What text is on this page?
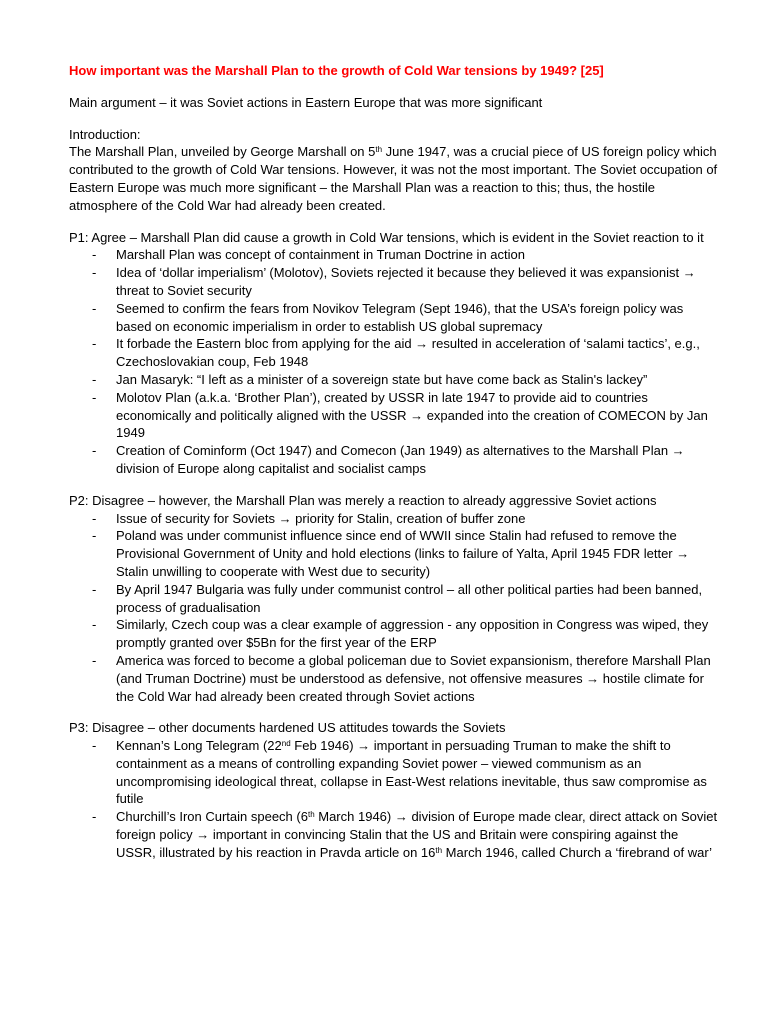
How important was the Marshall Plan to the growth of Cold War tensions by 1949? [25]
Main argument – it was Soviet actions in Eastern Europe that was more significant
Introduction:
The Marshall Plan, unveiled by George Marshall on 5th June 1947, was a crucial piece of US foreign policy which contributed to the growth of Cold War tensions. However, it was not the most important. The Soviet occupation of Eastern Europe was much more significant – the Marshall Plan was a reaction to this; thus, the hostile atmosphere of the Cold War had already been created.
P1: Agree – Marshall Plan did cause a growth in Cold War tensions, which is evident in the Soviet reaction to it
- Marshall Plan was concept of containment in Truman Doctrine in action
- Idea of ‘dollar imperialism’ (Molotov), Soviets rejected it because they believed it was expansionist → threat to Soviet security
- Seemed to confirm the fears from Novikov Telegram (Sept 1946), that the USA’s foreign policy was based on economic imperialism in order to establish US global supremacy
- It forbade the Eastern bloc from applying for the aid → resulted in acceleration of ‘salami tactics’, e.g., Czechoslovakian coup, Feb 1948
- Jan Masaryk: “I left as a minister of a sovereign state but have come back as Stalin's lackey”
- Molotov Plan (a.k.a. ‘Brother Plan’), created by USSR in late 1947 to provide aid to countries economically and politically aligned with the USSR → expanded into the creation of COMECON by Jan 1949
- Creation of Cominform (Oct 1947) and Comecon (Jan 1949) as alternatives to the Marshall Plan → division of Europe along capitalist and socialist camps
P2: Disagree – however, the Marshall Plan was merely a reaction to already aggressive Soviet actions
- Issue of security for Soviets → priority for Stalin, creation of buffer zone
- Poland was under communist influence since end of WWII since Stalin had refused to remove the Provisional Government of Unity and hold elections (links to failure of Yalta, April 1945 FDR letter → Stalin unwilling to cooperate with West due to security)
- By April 1947 Bulgaria was fully under communist control – all other political parties had been banned, process of gradualisation
- Similarly, Czech coup was a clear example of aggression - any opposition in Congress was wiped, they promptly granted over $5Bn for the first year of the ERP
- America was forced to become a global policeman due to Soviet expansionism, therefore Marshall Plan (and Truman Doctrine) must be understood as defensive, not offensive measures → hostile climate for the Cold War had already been created through Soviet actions
P3: Disagree – other documents hardened US attitudes towards the Soviets
- Kennan’s Long Telegram (22nd Feb 1946) → important in persuading Truman to make the shift to containment as a means of controlling expanding Soviet power – viewed communism as an uncompromising ideological threat, collapse in East-West relations inevitable, thus saw compromise as futile
- Churchill’s Iron Curtain speech (6th March 1946) → division of Europe made clear, direct attack on Soviet foreign policy → important in convincing Stalin that the US and Britain were conspiring against the USSR, illustrated by his reaction in Pravda article on 16th March 1946, called Church a ‘firebrand of war’
